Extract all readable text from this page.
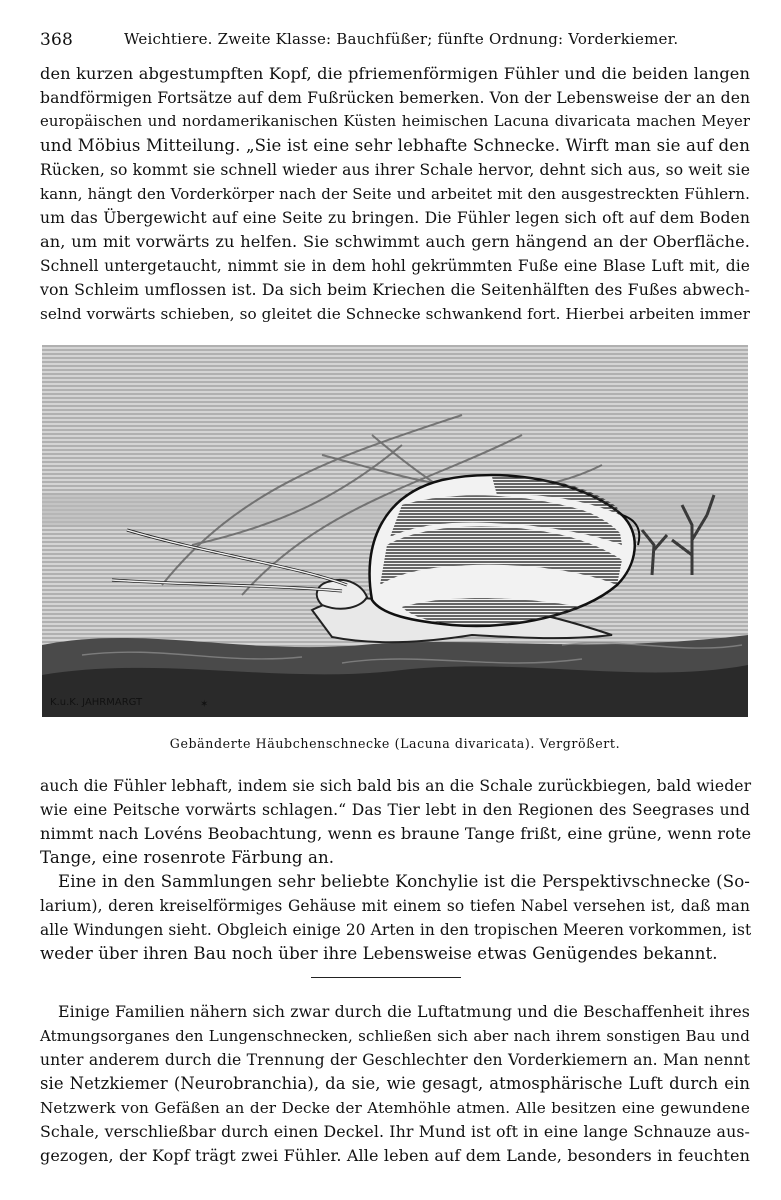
368	Weichtiere. Zweite Klasse: Bauchfüßer; fünfte Ordnung: Vorderkiemer.
den kurzen abgestumpften Kopf, die pfriemenförmigen Fühler und die beiden langen
bandförmigen Fortsätze auf dem Fußrücken bemerken. Von der Lebensweise der an den
europäischen und nordamerikanischen Küsten heimischen Lacuna divaricata machen Meyer
und Möbius Mitteilung. „Sie ist eine sehr lebhafte Schnecke. Wirft man sie auf den
Rücken, so kommt sie schnell wieder aus ihrer Schale hervor, dehnt sich aus, so weit sie
kann, hängt den Vorderkörper nach der Seite und arbeitet mit den ausgestreckten Fühlern.
um das Übergewicht auf eine Seite zu bringen. Die Fühler legen sich oft auf dem Boden
an, um mit vorwärts zu helfen. Sie schwimmt auch gern hängend an der Oberfläche.
Schnell untergetaucht, nimmt sie in dem hohl gekrümmten Fuße eine Blase Luft mit, die
von Schleim umflossen ist. Da sich beim Kriechen die Seitenhälften des Fußes abwech-
selnd vorwärts schieben, so gleitet die Schnecke schwankend fort. Hierbei arbeiten immer
K.u.K. JAHRMARGT	✶
Gebänderte Häubchenschnecke (Lacuna divaricata). Vergrößert.
auch die Fühler lebhaft, indem sie sich bald bis an die Schale zurückbiegen, bald wieder
wie eine Peitsche vorwärts schlagen.“ Das Tier lebt in den Regionen des Seegrases und
nimmt nach Lovéns Beobachtung, wenn es braune Tange frißt, eine grüne, wenn rote
Tange, eine rosenrote Färbung an.
Eine in den Sammlungen sehr beliebte Konchylie ist die Perspektivschnecke (So-
larium), deren kreiselförmiges Gehäuse mit einem so tiefen Nabel versehen ist, daß man
alle Windungen sieht. Obgleich einige 20 Arten in den tropischen Meeren vorkommen, ist
weder über ihren Bau noch über ihre Lebensweise etwas Genügendes bekannt.
Einige Familien nähern sich zwar durch die Luftatmung und die Beschaffenheit ihres
Atmungsorganes den Lungenschnecken, schließen sich aber nach ihrem sonstigen Bau und
unter anderem durch die Trennung der Geschlechter den Vorderkiemern an. Man nennt
sie Netzkiemer (Neurobranchia), da sie, wie gesagt, atmosphärische Luft durch ein
Netzwerk von Gefäßen an der Decke der Atemhöhle atmen. Alle besitzen eine gewundene
Schale, verschließbar durch einen Deckel. Ihr Mund ist oft in eine lange Schnauze aus-
gezogen, der Kopf trägt zwei Fühler. Alle leben auf dem Lande, besonders in feuchten
